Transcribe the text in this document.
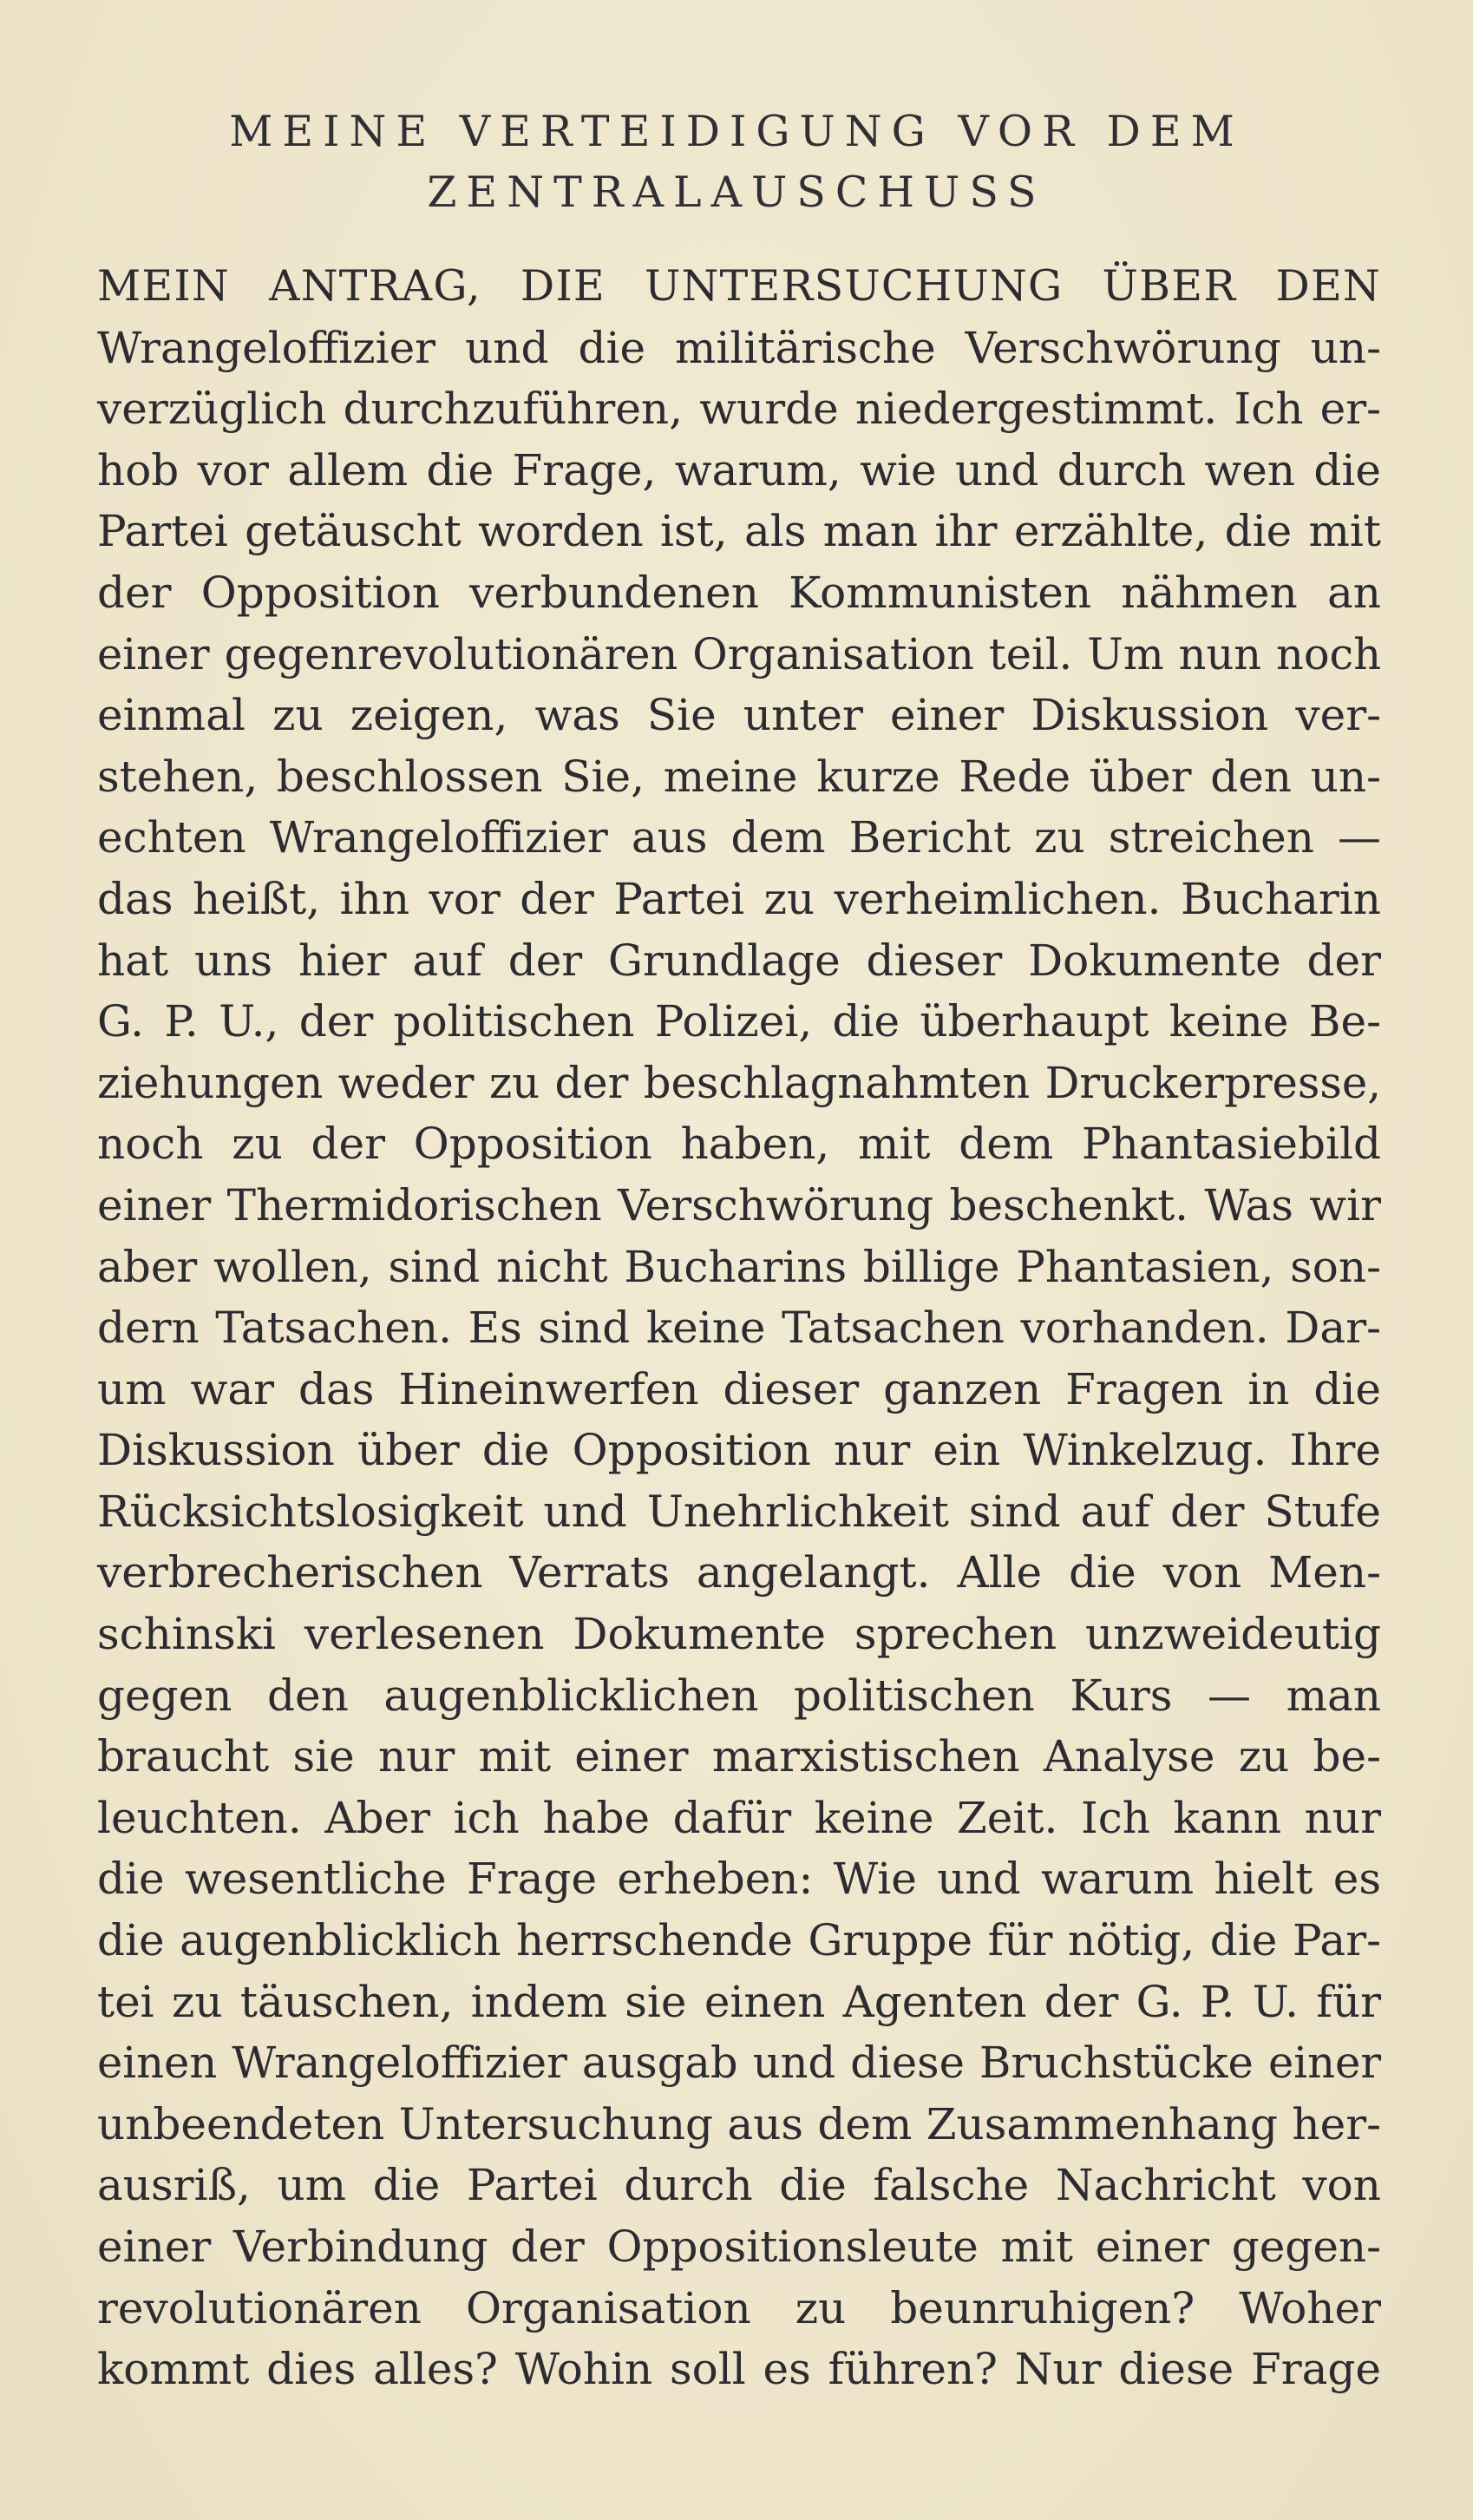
MEINE VERTEIDIGUNG VOR DEM
ZENTRALAUSCHUSS
MEIN ANTRAG, DIE UNTERSUCHUNG ÜBER DEN
Wrangeloffizier und die militärische Verschwörung un-
verzüglich durchzuführen, wurde niedergestimmt. Ich er-
hob vor allem die Frage, warum, wie und durch wen die
Partei getäuscht worden ist, als man ihr erzählte, die mit
der Opposition verbundenen Kommunisten nähmen an
einer gegenrevolutionären Organisation teil. Um nun noch
einmal zu zeigen, was Sie unter einer Diskussion ver-
stehen, beschlossen Sie, meine kurze Rede über den un-
echten Wrangeloffizier aus dem Bericht zu streichen —
das heißt, ihn vor der Partei zu verheimlichen. Bucharin
hat uns hier auf der Grundlage dieser Dokumente der
G. P. U., der politischen Polizei, die überhaupt keine Be-
ziehungen weder zu der beschlagnahmten Druckerpresse,
noch zu der Opposition haben, mit dem Phantasiebild
einer Thermidorischen Verschwörung beschenkt. Was wir
aber wollen, sind nicht Bucharins billige Phantasien, son-
dern Tatsachen. Es sind keine Tatsachen vorhanden. Dar-
um war das Hineinwerfen dieser ganzen Fragen in die
Diskussion über die Opposition nur ein Winkelzug. Ihre
Rücksichtslosigkeit und Unehrlichkeit sind auf der Stufe
verbrecherischen Verrats angelangt. Alle die von Men-
schinski verlesenen Dokumente sprechen unzweideutig
gegen den augenblicklichen politischen Kurs — man
braucht sie nur mit einer marxistischen Analyse zu be-
leuchten. Aber ich habe dafür keine Zeit. Ich kann nur
die wesentliche Frage erheben: Wie und warum hielt es
die augenblicklich herrschende Gruppe für nötig, die Par-
tei zu täuschen, indem sie einen Agenten der G. P. U. für
einen Wrangeloffizier ausgab und diese Bruchstücke einer
unbeendeten Untersuchung aus dem Zusammenhang her-
ausriß, um die Partei durch die falsche Nachricht von
einer Verbindung der Oppositionsleute mit einer gegen-
revolutionären Organisation zu beunruhigen? Woher
kommt dies alles? Wohin soll es führen? Nur diese Frage
